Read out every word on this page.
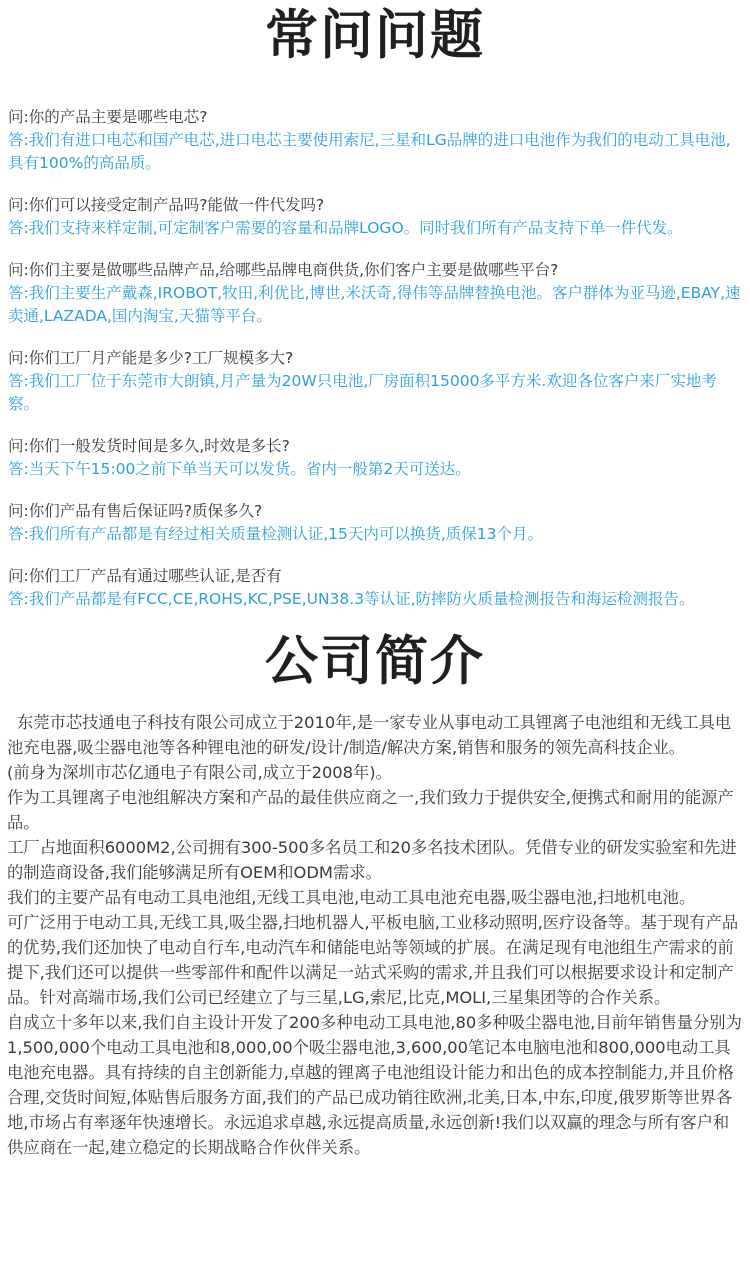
常问问题

问:你的产品主要是哪些电芯?

答:我们有进口电芯和国产电芯,进口电芯主要使用索尼,三星和LG品牌的进口电池作为我们的电动工具电池,具有100%的高品质。

问:你们可以接受定制产品吗?能做一件代发吗?

答:我们支持来样定制,可定制客户需要的容量和品牌LOGO。同时我们所有产品支持下单一件代发。

问:你们主要是做哪些品牌产品,给哪些品牌电商供货,你们客户主要是做哪些平台?

答:我们主要生产戴森,IROBOT,牧田,利优比,博世,米沃奇,得伟等品牌替换电池。客户群体为亚马逊,EBAY,速卖通,LAZADA,国内淘宝,天猫等平台。

问:你们工厂月产能是多少?工厂规模多大?

答:我们工厂位于东莞市大朗镇,月产量为20W只电池,厂房面积15000多平方米.欢迎各位客户来厂实地考察。

问:你们一般发货时间是多久,时效是多长?

答:当天下午15:00之前下单当天可以发货。省内一般第2天可送达。

问:你们产品有售后保证吗?质保多久?

答:我们所有产品都是有经过相关质量检测认证,15天内可以换货,质保13个月。

问:你们工厂产品有通过哪些认证,是否有

答:我们产品都是有FCC,CE,ROHS,KC,PSE,UN38.3等认证,防摔防火质量检测报告和海运检测报告。

公司简介

东莞市芯技通电子科技有限公司成立于2010年,是一家专业从事电动工具锂离子电池组和无线工具电池充电器,吸尘器电池等各种锂电池的研发/设计/制造/解决方案,销售和服务的领先高科技企业。

(前身为深圳市芯亿通电子有限公司,成立于2008年)。

作为工具锂离子电池组解决方案和产品的最佳供应商之一,我们致力于提供安全,便携式和耐用的能源产品。

工厂占地面积6000M2,公司拥有300-500多名员工和20多名技术团队。凭借专业的研发实验室和先进的制造商设备,我们能够满足所有OEM和ODM需求。

我们的主要产品有电动工具电池组,无线工具电池,电动工具电池充电器,吸尘器电池,扫地机电池。

可广泛用于电动工具,无线工具,吸尘器,扫地机器人,平板电脑,工业移动照明,医疗设备等。基于现有产品的优势,我们还加快了电动自行车,电动汽车和储能电站等领域的扩展。在满足现有电池组生产需求的前提下,我们还可以提供一些零部件和配件以满足一站式采购的需求,并且我们可以根据要求设计和定制产品。针对高端市场,我们公司已经建立了与三星,LG,索尼,比克,MOLI,三星集团等的合作关系。

自成立十多年以来,我们自主设计开发了200多种电动工具电池,80多种吸尘器电池,目前年销售量分别为1,500,000个电动工具电池和8,000,00个吸尘器电池,3,600,00笔记本电脑电池和800,000电动工具电池充电器。具有持续的自主创新能力,卓越的锂离子电池组设计能力和出色的成本控制能力,并且价格合理,交货时间短,体贴售后服务方面,我们的产品已成功销往欧洲,北美,日本,中东,印度,俄罗斯等世界各地,市场占有率逐年快速增长。永远追求卓越,永远提高质量,永远创新!我们以双赢的理念与所有客户和供应商在一起,建立稳定的长期战略合作伙伴关系。
